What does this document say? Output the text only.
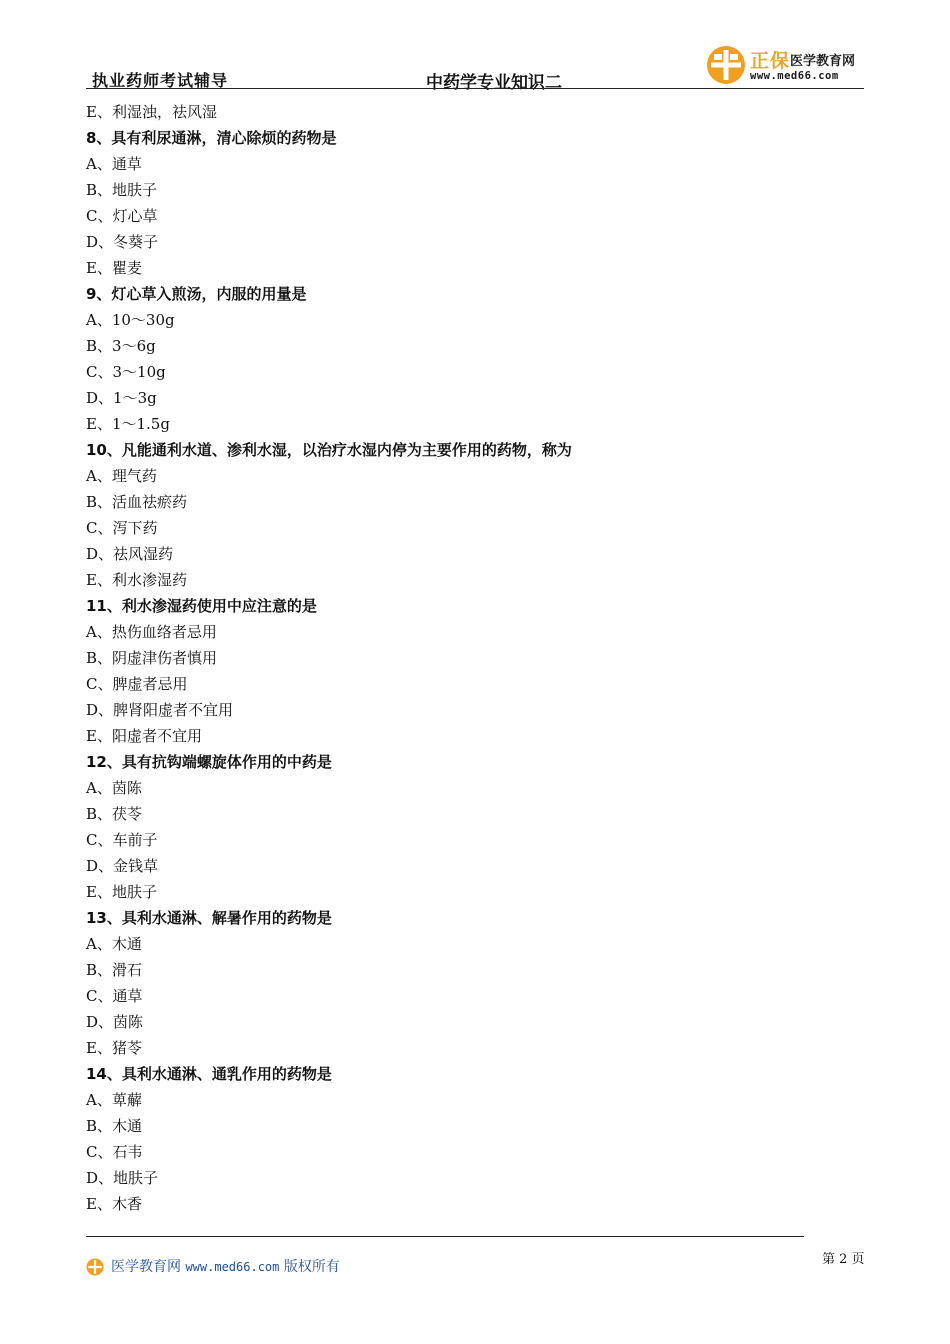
执业药师考试辅导	中药学专业知识二
正保 医学教育网
www.med66.com
E、利湿浊，祛风湿
8、具有利尿通淋，清心除烦的药物是
A、通草
B、地肤子
C、灯心草
D、冬葵子
E、瞿麦
9、灯心草入煎汤，内服的用量是
A、10～30g
B、3～6g
C、3～10g
D、1～3g
E、1～1.5g
10、凡能通利水道、渗利水湿，以治疗水湿内停为主要作用的药物，称为
A、理气药
B、活血祛瘀药
C、泻下药
D、祛风湿药
E、利水渗湿药
11、利水渗湿药使用中应注意的是
A、热伤血络者忌用
B、阴虚津伤者慎用
C、脾虚者忌用
D、脾肾阳虚者不宜用
E、阳虚者不宜用
12、具有抗钩端螺旋体作用的中药是
A、茵陈
B、茯苓
C、车前子
D、金钱草
E、地肤子
13、具利水通淋、解暑作用的药物是
A、木通
B、滑石
C、通草
D、茵陈
E、猪苓
14、具利水通淋、通乳作用的药物是
A、萆薢
B、木通
C、石韦
D、地肤子
E、木香
医学教育网 www.med66.com 版权所有	第 2 页
